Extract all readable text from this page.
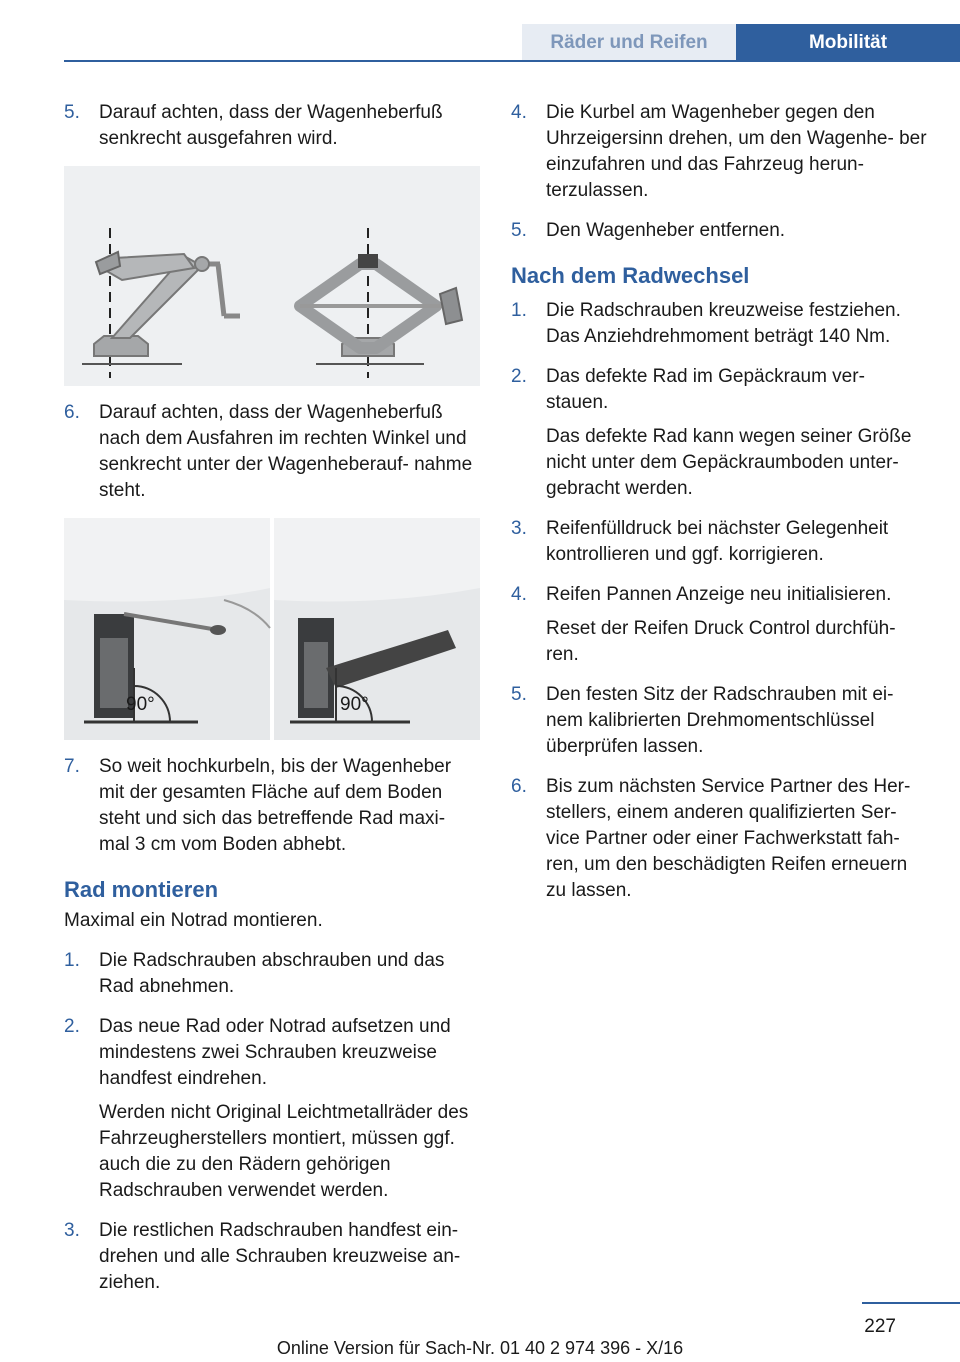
Räder und Reifen	Mobilität
5. Darauf achten, dass der Wagenheberfuß senkrecht ausgefahren wird.
6. Darauf achten, dass der Wagenheberfuß nach dem Ausfahren im rechten Winkel und senkrecht unter der Wagenheberauf‐ nahme steht.
90°	90°
7. So weit hochkurbeln, bis der Wagenheber mit der gesamten Fläche auf dem Boden steht und sich das betreffende Rad maxi‐ mal 3 cm vom Boden abhebt.
Rad montieren
Maximal ein Notrad montieren.
1. Die Radschrauben abschrauben und das Rad abnehmen.
2. Das neue Rad oder Notrad aufsetzen und mindestens zwei Schrauben kreuzweise handfest eindrehen.
Werden nicht Original Leichtmetallräder des Fahrzeugherstellers montiert, müssen ggf. auch die zu den Rädern gehörigen Radschrauben verwendet werden.
3. Die restlichen Radschrauben handfest ein‐ drehen und alle Schrauben kreuzweise an‐ ziehen.
4. Die Kurbel am Wagenheber gegen den Uhrzeigersinn drehen, um den Wagenhe‐ ber einzufahren und das Fahrzeug herun‐ terzulassen.
5. Den Wagenheber entfernen.
Nach dem Radwechsel
1. Die Radschrauben kreuzweise festziehen. Das Anziehdrehmoment beträgt 140 Nm.
2. Das defekte Rad im Gepäckraum ver‐ stauen.
Das defekte Rad kann wegen seiner Größe nicht unter dem Gepäckraumboden unter‐ gebracht werden.
3. Reifenfülldruck bei nächster Gelegenheit kontrollieren und ggf. korrigieren.
4. Reifen Pannen Anzeige neu initialisieren.
Reset der Reifen Druck Control durchfüh‐ ren.
5. Den festen Sitz der Radschrauben mit ei‐ nem kalibrierten Drehmomentschlüssel überprüfen lassen.
6. Bis zum nächsten Service Partner des Her‐ stellers, einem anderen qualifizierten Ser‐ vice Partner oder einer Fachwerkstatt fah‐ ren, um den beschädigten Reifen erneuern zu lassen.
227
Online Version für Sach-Nr. 01 40 2 974 396 - X/16
